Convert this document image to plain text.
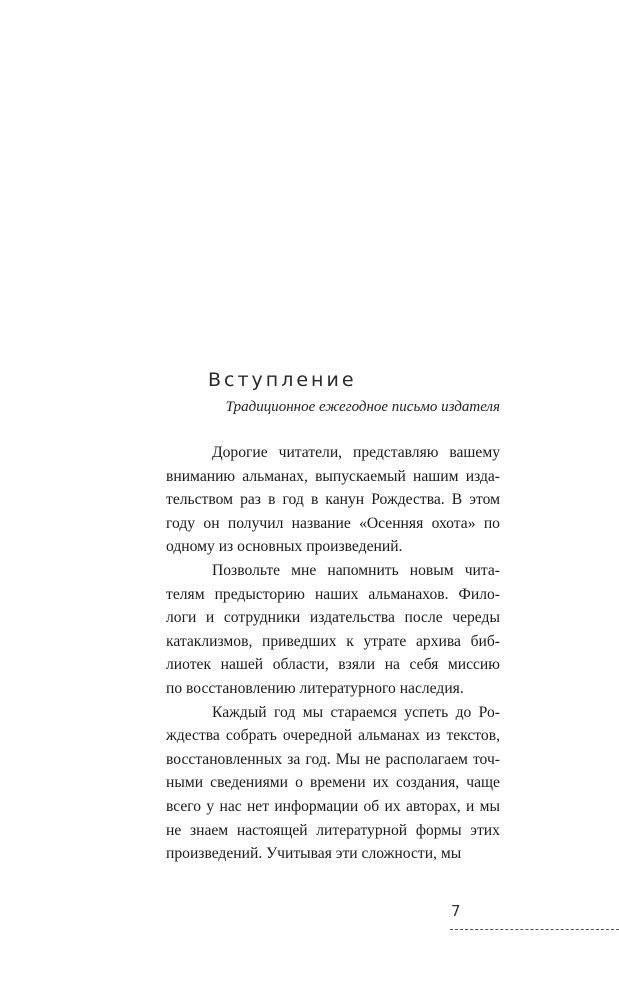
Вступление
Традиционное ежегодное письмо издателя
Дорогие читатели, представляю вашему
вниманию альманах, выпускаемый нашим изда-
тельством раз в год в канун Рождества. В этом
году он получил название «Осенняя охота» по
одному из основных произведений.
Позвольте мне напомнить новым чита-
телям предысторию наших альманахов. Фило-
логи и сотрудники издательства после череды
катаклизмов, приведших к утрате архива биб-
лиотек нашей области, взяли на себя миссию
по восстановлению литературного наследия.
Каждый год мы стараемся успеть до Ро-
ждества собрать очередной альманах из текстов,
восстановленных за год. Мы не располагаем точ-
ными сведениями о времени их создания, чаще
всего у нас нет информации об их авторах, и мы
не знаем настоящей литературной формы этих
произведений. Учитывая эти сложности, мы
7
